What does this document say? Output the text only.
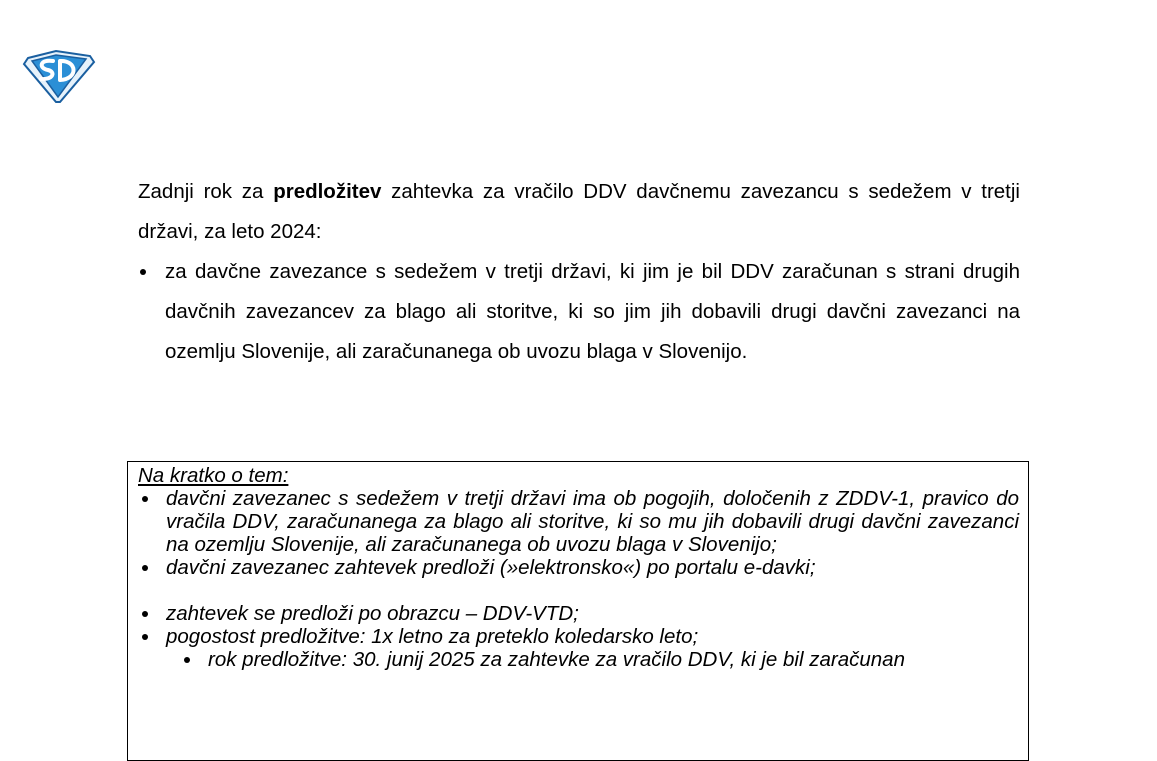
Zadnji rok za predložitev zahtevka za vračilo DDV davčnemu zavezancu s sedežem v tretji državi, za leto 2024:

za davčne zavezance s sedežem v tretji državi, ki jim je bil DDV zaračunan s strani drugih davčnih zavezancev za blago ali storitve, ki so jim jih dobavili drugi davčni zavezanci na ozemlju Slovenije, ali zaračunanega ob uvozu blaga v Slovenijo.

Na kratko o tem:

davčni zavezanec s sedežem v tretji državi ima ob pogojih, določenih z ZDDV-1, pravico do vračila DDV, zaračunanega za blago ali storitve, ki so mu jih dobavili drugi davčni zavezanci na ozemlju Slovenije, ali zaračunanega ob uvozu blaga v Slovenijo;
davčni zavezanec zahtevek predloži (»elektronsko«) po portalu e-davki;
zahtevek se predloži po obrazcu – DDV-VTD;
pogostost predložitve: 1x letno za preteklo koledarsko leto;
rok predložitve: 30. junij 2025 za zahtevke za vračilo DDV, ki je bil zaračunan
